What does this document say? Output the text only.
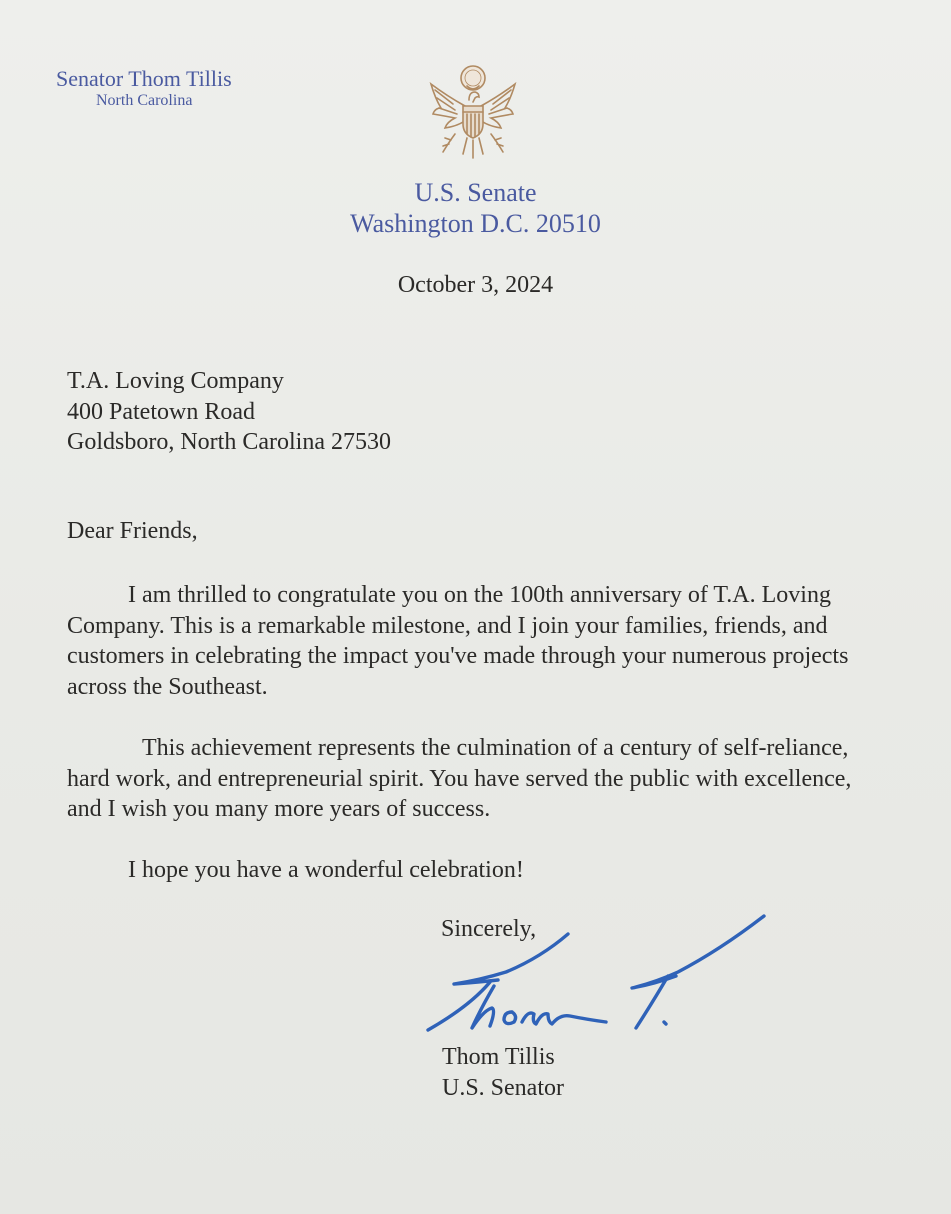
Senator Thom Tillis
North Carolina
U.S. Senate
Washington D.C. 20510
October 3, 2024
T.A. Loving Company
400 Patetown Road
Goldsboro, North Carolina 27530
Dear Friends,

I am thrilled to congratulate you on the 100th anniversary of T.A. Loving Company. This is a remarkable milestone, and I join your families, friends, and customers in celebrating the impact you've made through your numerous projects across the Southeast.

This achievement represents the culmination of a century of self-reliance, hard work, and entrepreneurial spirit. You have served the public with excellence, and I wish you many more years of success.

I hope you have a wonderful celebration!

Sincerely,
Thom Tillis
U.S. Senator
